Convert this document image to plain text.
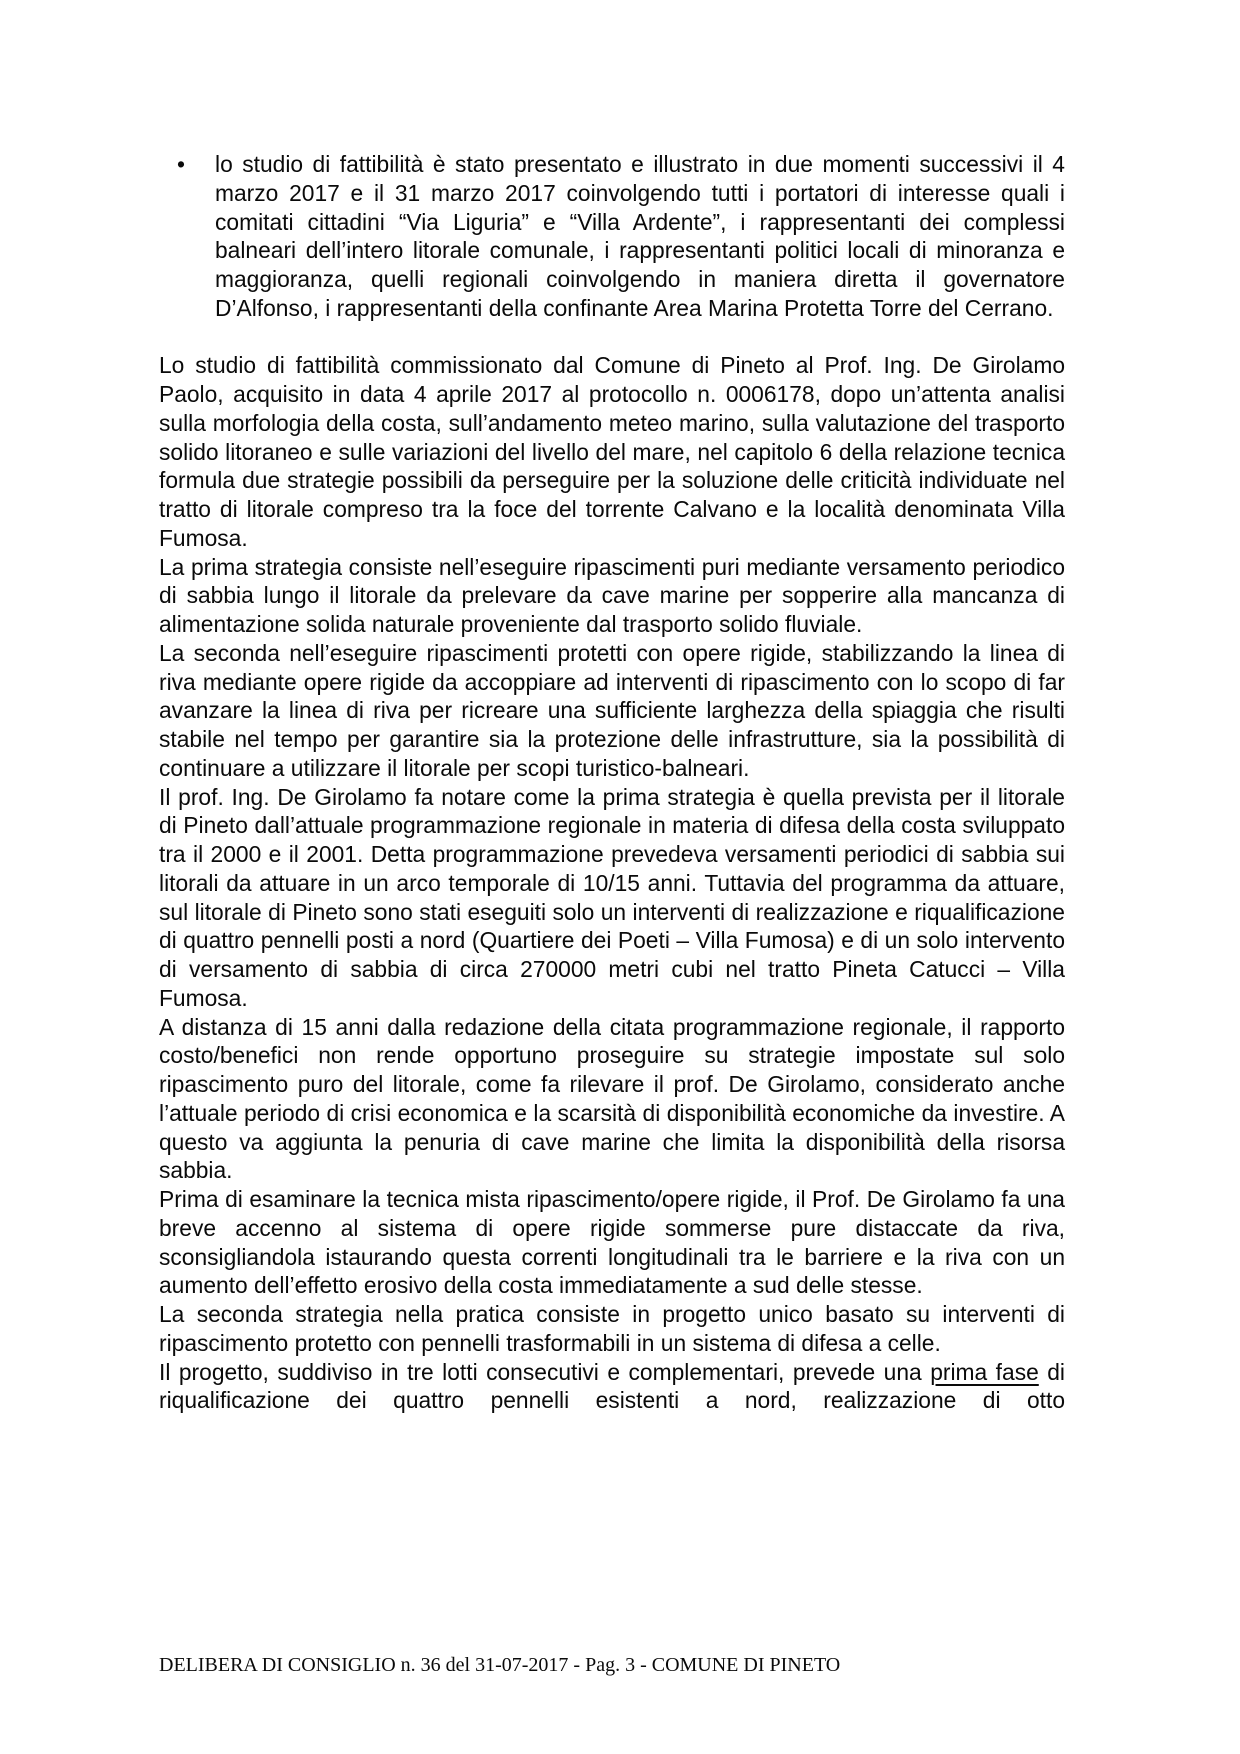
•	lo studio di fattibilità è stato presentato e illustrato in due momenti successivi il 4 marzo 2017 e il 31 marzo 2017 coinvolgendo tutti i portatori di interesse quali i comitati cittadini “Via Liguria” e “Villa Ardente”, i rappresentanti dei complessi balneari dell’intero litorale comunale, i rappresentanti politici locali di minoranza e maggioranza, quelli regionali coinvolgendo in maniera diretta il governatore D’Alfonso, i rappresentanti della confinante Area Marina Protetta Torre del Cerrano.

Lo studio di fattibilità commissionato dal Comune di Pineto al Prof. Ing. De Girolamo Paolo, acquisito in data 4 aprile 2017 al protocollo n. 0006178, dopo un’attenta analisi sulla morfologia della costa, sull’andamento meteo marino, sulla valutazione del trasporto solido litoraneo e sulle variazioni del livello del mare, nel capitolo 6 della relazione tecnica formula due strategie possibili da perseguire per la soluzione delle criticità individuate nel tratto di litorale compreso tra la foce del torrente Calvano e la località denominata Villa Fumosa.

La prima strategia consiste nell’eseguire ripascimenti puri mediante versamento periodico di sabbia lungo il litorale da prelevare da cave marine per sopperire alla mancanza di alimentazione solida naturale proveniente dal trasporto solido fluviale.

La seconda nell’eseguire ripascimenti protetti con opere rigide, stabilizzando la linea di riva mediante opere rigide da accoppiare ad interventi di ripascimento con lo scopo di far avanzare la linea di riva per ricreare una sufficiente larghezza della spiaggia che risulti stabile nel tempo per garantire sia la protezione delle infrastrutture, sia la possibilità di continuare a utilizzare il litorale per scopi turistico-balneari.

Il prof. Ing. De Girolamo fa notare come la prima strategia è quella prevista per il litorale di Pineto dall’attuale programmazione regionale in materia di difesa della costa sviluppato tra il 2000 e il 2001. Detta programmazione prevedeva versamenti periodici di sabbia sui litorali da attuare in un arco temporale di 10/15 anni. Tuttavia del programma da attuare, sul litorale di Pineto sono stati eseguiti solo un interventi di realizzazione e riqualificazione di quattro pennelli posti a nord (Quartiere dei Poeti – Villa Fumosa) e di un solo intervento di versamento di sabbia di circa 270000 metri cubi nel tratto Pineta Catucci – Villa Fumosa.

A distanza di 15 anni dalla redazione della citata programmazione regionale, il rapporto costo/benefici non rende opportuno proseguire su strategie impostate sul solo ripascimento puro del litorale, come fa rilevare il prof. De Girolamo, considerato anche l’attuale periodo di crisi economica e la scarsità di disponibilità economiche da investire. A questo va aggiunta la penuria di cave marine che limita la disponibilità della risorsa sabbia.

Prima di esaminare la tecnica mista ripascimento/opere rigide, il Prof. De Girolamo fa una breve accenno al sistema di opere rigide sommerse pure distaccate da riva, sconsigliandola istaurando questa correnti longitudinali tra le barriere e la riva con un aumento dell’effetto erosivo della costa immediatamente a sud delle stesse.

La seconda strategia nella pratica consiste in progetto unico basato su interventi di ripascimento protetto con pennelli trasformabili in un sistema di difesa a celle.

Il progetto, suddiviso in tre lotti consecutivi e complementari, prevede una prima fase di riqualificazione dei quattro pennelli esistenti a nord, realizzazione di otto

DELIBERA DI CONSIGLIO n. 36 del 31-07-2017 - Pag. 3 - COMUNE DI PINETO
